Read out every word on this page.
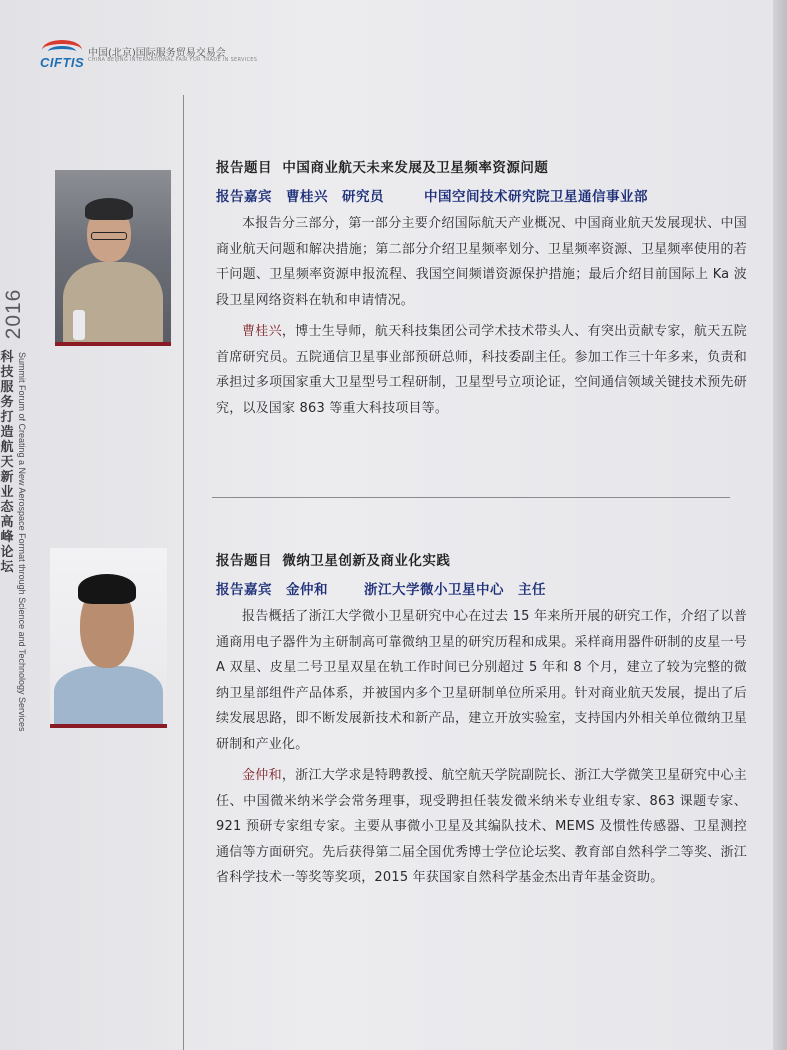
CIFTIS
中国(北京)国际服务贸易交易会
CHINA BEIJING INTERNATIONAL FAIR FOR TRADE IN SERVICES
2016
科技服务打造航天新业态高峰论坛 Summit Forum of Creating a New Aerospace Format through Science and Technology Services
报告题目 中国商业航天未来发展及卫星频率资源问题
报告嘉宾 曹桂兴 研究员	中国空间技术研究院卫星通信事业部

本报告分三部分，第一部分主要介绍国际航天产业概况、中国商业航天发展现状、中国商业航天问题和解决措施；第二部分介绍卫星频率划分、卫星频率资源、卫星频率使用的若干问题、卫星频率资源申报流程、我国空间频谱资源保护措施；最后介绍目前国际上 Ka 波段卫星网络资料在轨和申请情况。

曹桂兴，博士生导师，航天科技集团公司学术技术带头人、有突出贡献专家，航天五院首席研究员。五院通信卫星事业部预研总师，科技委副主任。参加工作三十年多来，负责和承担过多项国家重大卫星型号工程研制，卫星型号立项论证，空间通信领域关键技术预先研究，以及国家 863 等重大科技项目等。

报告题目 微纳卫星创新及商业化实践
报告嘉宾 金仲和	浙江大学微小卫星中心 主任

报告概括了浙江大学微小卫星研究中心在过去 15 年来所开展的研究工作，介绍了以普通商用电子器件为主研制高可靠微纳卫星的研究历程和成果。采样商用器件研制的皮星一号 A 双星、皮星二号卫星双星在轨工作时间已分别超过 5 年和 8 个月，建立了较为完整的微纳卫星部组件产品体系，并被国内多个卫星研制单位所采用。针对商业航天发展，提出了后续发展思路，即不断发展新技术和新产品，建立开放实验室，支持国内外相关单位微纳卫星研制和产业化。

金仲和，浙江大学求是特聘教授、航空航天学院副院长、浙江大学微笑卫星研究中心主任、中国微米纳米学会常务理事，现受聘担任装发微米纳米专业组专家、863 课题专家、921 预研专家组专家。主要从事微小卫星及其编队技术、MEMS 及惯性传感器、卫星测控通信等方面研究。先后获得第二届全国优秀博士学位论坛奖、教育部自然科学二等奖、浙江省科学技术一等奖等奖项，2015 年获国家自然科学基金杰出青年基金资助。
